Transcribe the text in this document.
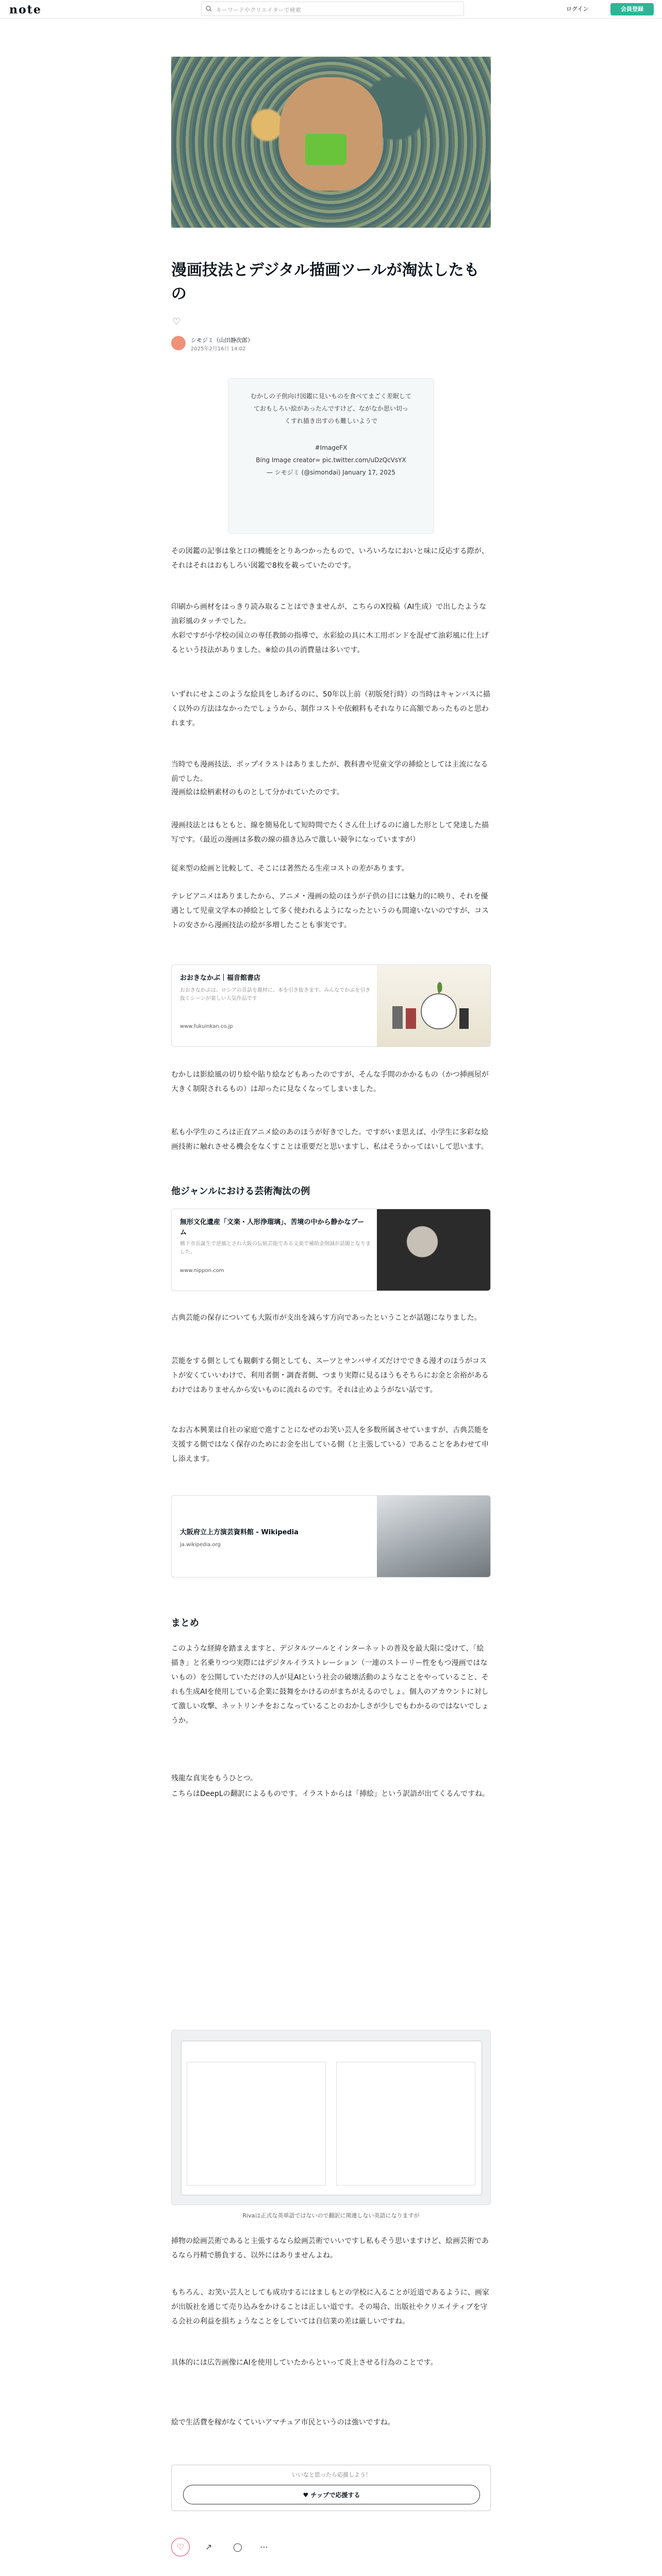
note	キーワードやクリエイターで検索	ログイン	会員登録
漫画技法とデジタル描画ツールが淘汰したもの
♡
シモジミ（山田静次郎）
2025年2月16日 14:02

むかしの子供向け図鑑に見いものを食べてまごく差眠して

ておもしろい絵があったんですけど、ながなか思い切っ

くすれ描き出すのも難しいようで

#ImageFX

Bing Image creator= pic.twitter.com/uDzQcVsYX

— シモジミ (@simondai) January 17, 2025

その図鑑の記事は象と口の機能をとりあつかったもので、いろいろなにおいと味に反応する際が、それはそれはおもしろい図鑑で8枚を載っていたのです。

印刷から画材をはっきり読み取ることはできませんが、こちらのX投稿（AI生成）で出したような油彩風のタッチでした。

水彩ですが小学校の国立の専任教師の指導で、水彩絵の具に木工用ボンドを混ぜて油彩風に仕上げるという技法がありました。※絵の具の消費量は多いです。

いずれにせよこのような絵具をしあげるのに、50年以上前（初版発行時）の当時はキャンバスに描く以外の方法はなかったでしょうから、制作コストや依頼料もそれなりに高額であったものと思われます。

当時でも漫画技法、ポップイラストはありましたが、教科書や児童文学の挿絵としては主流になる前でした。

漫画絵は絵柄素材のものとして分かれていたのです。

漫画技法とはもともと、線を簡易化して短時間でたくさん仕上げるのに適した形として発達した描写です。（最近の漫画は多数の線の描き込みで激しい競争になっていますが）

従来型の絵画と比較して、そこには著然たる生産コストの差があります。

テレビアニメはありましたから、アニメ・漫画の絵のほうが子供の目には魅力的に映り、それを優遇として児童文学本の挿絵として多く使われるようになったというのも間違いないのですが、コストの安さから漫画技法の絵が多増したことも事実です。

おおきなかぶ｜福音館書店
おおきなかぶは、ロシアの昔話を題材に、本を引き抜きます。みんなでかぶを引き抜くシーンが楽しい人気作品です
www.fukuinkan.co.jp

むかしは影絵風の切り絵や貼り絵などもあったのですが、そんな手間のかかるもの（かつ挿画屋が大きく制限されるもの）は却ったに見なくなってしまいました。

私も小学生のころは正直アニメ絵のあのほうが好きでした。ですがいま思えば、小学生に多彩な絵画技術に触れさせる機会をなくすことは重要だと思いますし、私はそうかってはいして思います。

他ジャンルにおける芸術淘汰の例
無形文化遺産「文楽・人形浄瑠璃」、苦境の中から静かなブーム
橋下市長誕生で逆風とされ大阪の伝統芸能である文楽で補助金削減が話題となりました。
www.nippon.com

古典芸能の保存についても大阪市が支出を減らす方向であったということが話題になりました。

芸能をする側としても観劇する側としても、スーツとサンバサイズだけでできる漫才のほうがコストが安くていいわけで、利用者側・調査者側、つまり実際に見るほうもそちらにお金と余裕があるわけではありませんから安いものに流れるのです。それは止めようがない話です。

なお古本興業は自社の家庭で進すことになぜのお笑い芸人を多数所属させていますが、古典芸能を支援する側ではなく保存のためにお金を出している側（と主張している）であることをあわせて申し添えます。

大阪府立上方演芸資料館 - Wikipedia
ja.wikipedia.org
まとめ

このような経緯を踏まえますと、デジタルツールとインターネットの普及を最大限に受けて、「絵描き」と名乗りつつ実際にはデジタルイラストレーション（一連のストーリー性をもつ漫画ではないもの）を公開していただけの人が見AIという社会の破壊活動のようなことをやっていること、それも生成AIを使用している企業に鼓舞をかけるのがまちがえるのでしょ。個人のアカウントに対して激しい攻撃、ネットリンチをおこなっていることのおかしさが少しでもわかるのではないでしょうか。

残龍な真実をもうひとつ。

こちらはDeepLの翻訳によるものです。イラストからは「挿絵」という訳語が出てくるんですね。

Rivaは正式な英単語ではないので翻訳に関連しない英語になりますが

挿物の絵画芸術であると主張するなら絵画芸術でいいですし私もそう思いますけど、絵画芸術であるなら丹精で勝負する、以外にはありませんよね。

もちろん、お笑い芸人としても成功するにはましもとの学校に入ることが近道であるように、画家が出版社を通じて売り込みをかけることは正しい道です。その場合、出版社やクリエイティブを守る会社の利益を損ちょうなことをしていては自信業の差は厳しいですね。

具体的には広告画像にAIを使用していたからといって炎上させる行為のことです。

絵で生活費を稼がなくていいアマチュア市民というのは強いですね。

いいなと思ったら応援しよう！
♥ チップで応援する
♡	↗	◯ ⋯
